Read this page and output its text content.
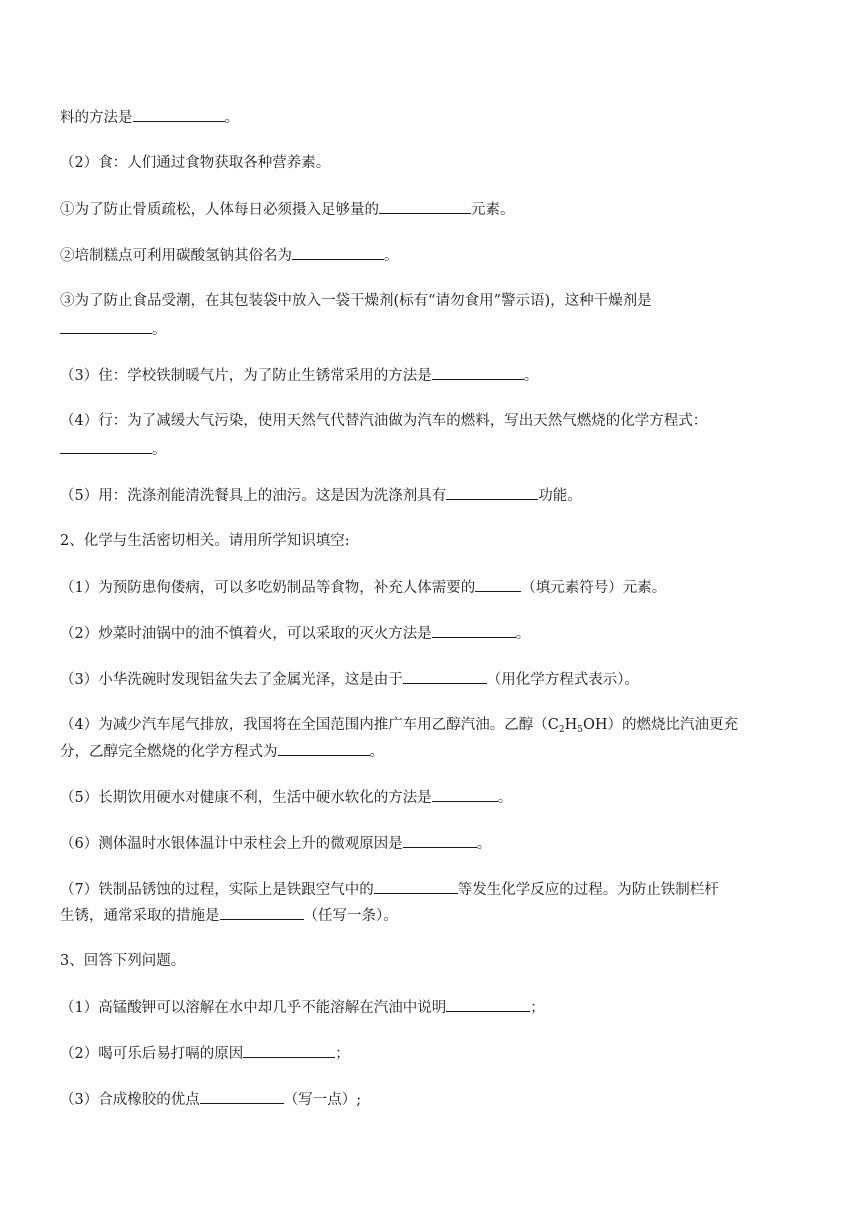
料的方法是	。
（2）食：人们通过食物获取各种营养素。
①为了防止骨质疏松，人体每日必须摄入足够量的	元素。
②培制糕点可利用碳酸氢钠其俗名为	。
③为了防止食品受潮，在其包装袋中放入一袋干燥剂(标有“请勿食用”警示语)，这种干燥剂是
。
（3）住：学校铁制暖气片，为了防止生锈常采用的方法是	。
（4）行：为了减缓大气污染，使用天然气代替汽油做为汽车的燃料，写出天然气燃烧的化学方程式：
。
（5）用：洗涤剂能清洗餐具上的油污。这是因为洗涤剂具有	功能。
2、化学与生活密切相关。请用所学知识填空:
（1）为预防患佝偻病，可以多吃奶制品等食物，补充人体需要的	（填元素符号）元素。
（2）炒菜时油锅中的油不慎着火，可以采取的灭火方法是	。
（3）小华洗碗时发现铝盆失去了金属光泽，这是由于	（用化学方程式表示）。
（4）为减少汽车尾气排放，我国将在全国范围内推广车用乙醇汽油。乙醇$(C_2H_5OH)$的燃烧比汽油更充
分，乙醇完全燃烧的化学方程式为	。
（5）长期饮用硬水对健康不利，生活中硬水软化的方法是	。
（6）测体温时水银体温计中汞柱会上升的微观原因是	。
（7）铁制品锈蚀的过程，实际上是铁跟空气中的	等发生化学反应的过程。为防止铁制栏杆
生锈，通常采取的措施是	（任写一条）。
3、回答下列问题。
（1）高锰酸钾可以溶解在水中却几乎不能溶解在汽油中说明	；
（2）喝可乐后易打嗝的原因	；
（3）合成橡胶的优点	（写一点）;
